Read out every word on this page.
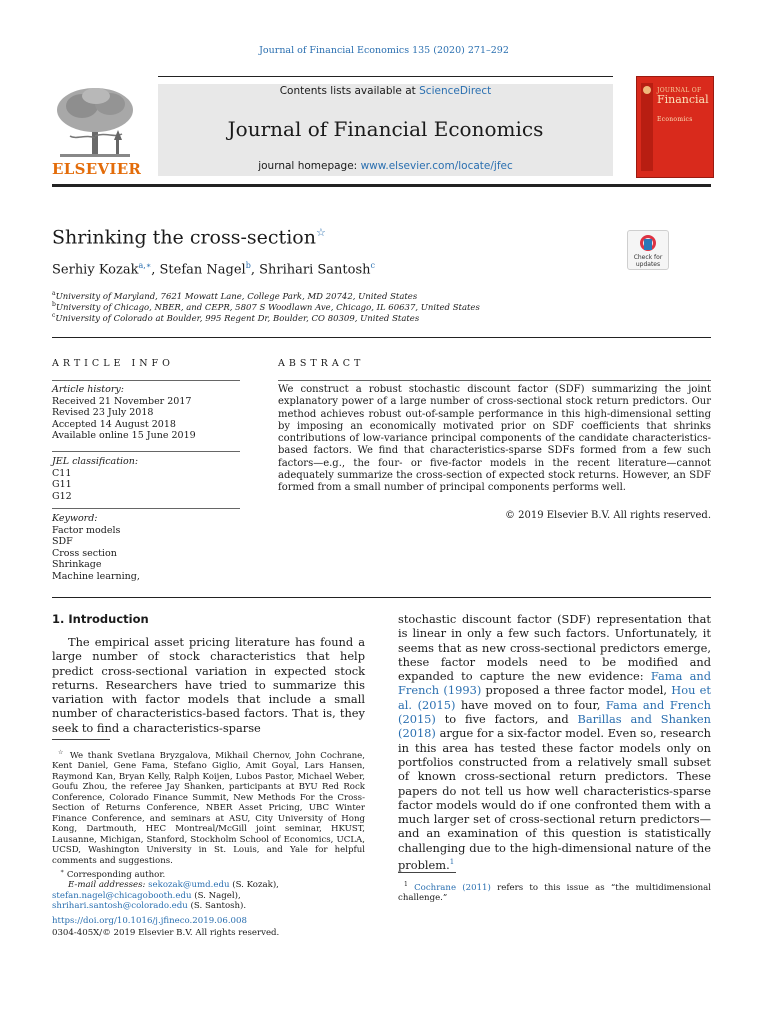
Journal of Financial Economics 135 (2020) 271–292
ELSEVIER
Contents lists available at ScienceDirect
Journal of Financial Economics
journal homepage: www.elsevier.com/locate/jfec
JOURNAL OF
Financial
Economics
Shrinking the cross-section☆
Check for updates
Serhiy Kozak$^{a,∗}$, Stefan Nagel$^b$, Shrihari Santosh$^c$
$^a$University of Maryland, 7621 Mowatt Lane, College Park, MD 20742, United States
$^b$University of Chicago, NBER, and CEPR, 5807 S Woodlawn Ave, Chicago, IL 60637, United States
$^c$University of Colorado at Boulder, 995 Regent Dr, Boulder, CO 80309, United States
ARTICLE INFO
Article history:
Received 21 November 2017
Revised 23 July 2018
Accepted 14 August 2018
Available online 15 June 2019
JEL classification:
C11
G11
G12
Keyword:
Factor models
SDF
Cross section
Shrinkage
Machine learning,
ABSTRACT
We construct a robust stochastic discount factor (SDF) summarizing the joint explanatory power of a large number of cross-sectional stock return predictors. Our method achieves robust out-of-sample performance in this high-dimensional setting by imposing an economically motivated prior on SDF coefficients that shrinks contributions of low-variance principal components of the candidate characteristics-based factors. We find that characteristics-sparse SDFs formed from a few such factors—e.g., the four- or five-factor models in the recent literature—cannot adequately summarize the cross-section of expected stock returns. However, an SDF formed from a small number of principal components performs well.
© 2019 Elsevier B.V. All rights reserved.
1. Introduction
The empirical asset pricing literature has found a large number of stock characteristics that help predict cross-sectional variation in expected stock returns. Researchers have tried to summarize this variation with factor models that include a small number of characteristics-based factors. That is, they seek to find a characteristics-sparse
stochastic discount factor (SDF) representation that is linear in only a few such factors. Unfortunately, it seems that as new cross-sectional predictors emerge, these factor models need to be modified and expanded to capture the new evidence: Fama and French (1993) proposed a three factor model, Hou et al. (2015) have moved on to four, Fama and French (2015) to five factors, and Barillas and Shanken (2018) argue for a six-factor model. Even so, research in this area has tested these factor models only on portfolios constructed from a relatively small subset of known cross-sectional return predictors. These papers do not tell us how well characteristics-sparse factor models would do if one confronted them with a much larger set of cross-sectional return predictors—and an examination of this question is statistically challenging due to the high-dimensional nature of the problem.$^1$
☆ We thank Svetlana Bryzgalova, Mikhail Chernov, John Cochrane, Kent Daniel, Gene Fama, Stefano Giglio, Amit Goyal, Lars Hansen, Raymond Kan, Bryan Kelly, Ralph Koijen, Lubos Pastor, Michael Weber, Goufu Zhou, the referee Jay Shanken, participants at BYU Red Rock Conference, Colorado Finance Summit, New Methods For the Cross-Section of Returns Conference, NBER Asset Pricing, UBC Winter Finance Conference, and seminars at ASU, City University of Hong Kong, Dartmouth, HEC Montreal/McGill joint seminar, HKUST, Lausanne, Michigan, Stanford, Stockholm School of Economics, UCLA, UCSD, Washington University in St. Louis, and Yale for helpful comments and suggestions.
∗ Corresponding author.
E-mail addresses: sekozak@umd.edu (S. Kozak), stefan.nagel@chicagobooth.edu (S. Nagel), shrihari.santosh@colorado.edu (S. Santosh).
$^1$ Cochrane (2011) refers to this issue as “the multidimensional challenge.”
https://doi.org/10.1016/j.jfineco.2019.06.008
0304-405X/© 2019 Elsevier B.V. All rights reserved.
